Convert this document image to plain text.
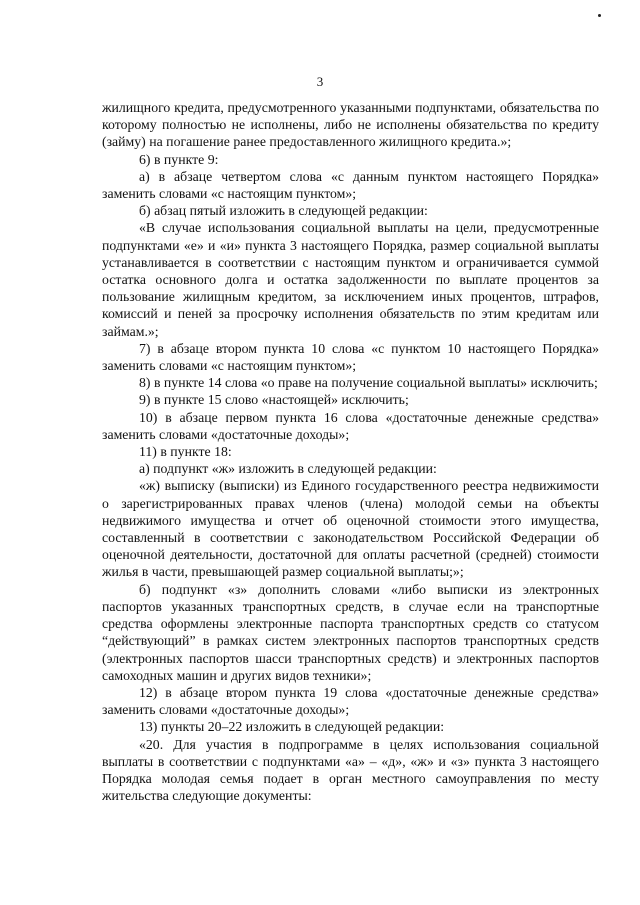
3

жилищного кредита, предусмотренного указанными подпунктами, обязательства по которому полностью не исполнены, либо не исполнены обязательства по кредиту (займу) на погашение ранее предоставленного жилищного кредита.»;

6) в пункте 9:

а) в абзаце четвертом слова «с данным пунктом настоящего Порядка» заменить словами «с настоящим пунктом»;

б) абзац пятый изложить в следующей редакции:

«В случае использования социальной выплаты на цели, предусмотренные подпунктами «е» и «и» пункта 3 настоящего Порядка, размер социальной выплаты устанавливается в соответствии с настоящим пунктом и ограничивается суммой остатка основного долга и остатка задолженности по выплате процентов за пользование жилищным кредитом, за исключением иных процентов, штрафов, комиссий и пеней за просрочку исполнения обязательств по этим кредитам или займам.»;

7) в абзаце втором пункта 10 слова «с пунктом 10 настоящего Порядка» заменить словами «с настоящим пунктом»;

8) в пункте 14 слова «о праве на получение социальной выплаты» исключить;

9) в пункте 15 слово «настоящей» исключить;

10) в абзаце первом пункта 16 слова «достаточные денежные средства» заменить словами «достаточные доходы»;

11) в пункте 18:

а) подпункт «ж» изложить в следующей редакции:

«ж) выписку (выписки) из Единого государственного реестра недвижимости о зарегистрированных правах членов (члена) молодой семьи на объекты недвижимого имущества и отчет об оценочной стоимости этого имущества, составленный в соответствии с законодательством Российской Федерации об оценочной деятельности, достаточной для оплаты расчетной (средней) стоимости жилья в части, превышающей размер социальной выплаты;»;

б) подпункт «з» дополнить словами «либо выписки из электронных паспортов указанных транспортных средств, в случае если на транспортные средства оформлены электронные паспорта транспортных средств со статусом “действующий” в рамках систем электронных паспортов транспортных средств (электронных паспортов шасси транспортных средств) и электронных паспортов самоходных машин и других видов техники»;

12) в абзаце втором пункта 19 слова «достаточные денежные средства» заменить словами «достаточные доходы»;

13) пункты 20–22 изложить в следующей редакции:

«20. Для участия в подпрограмме в целях использования социальной выплаты в соответствии с подпунктами «а» – «д», «ж» и «з» пункта 3 настоящего Порядка молодая семья подает в орган местного самоуправления по месту жительства следующие документы:
